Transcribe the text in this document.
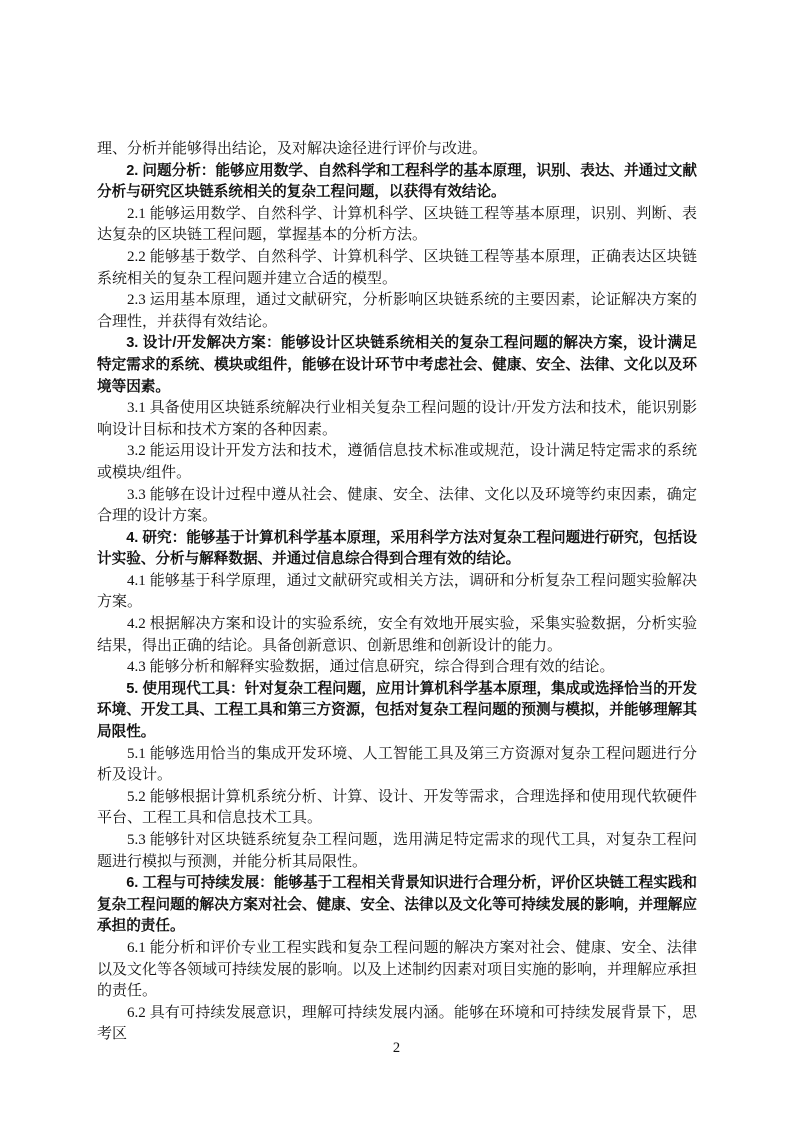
理、分析并能够得出结论，及对解决途径进行评价与改进。

2. 问题分析：能够应用数学、自然科学和工程科学的基本原理，识别、表达、并通过文献分析与研究区块链系统相关的复杂工程问题，以获得有效结论。

2.1 能够运用数学、自然科学、计算机科学、区块链工程等基本原理，识别、判断、表达复杂的区块链工程问题，掌握基本的分析方法。

2.2 能够基于数学、自然科学、计算机科学、区块链工程等基本原理，正确表达区块链系统相关的复杂工程问题并建立合适的模型。

2.3 运用基本原理，通过文献研究，分析影响区块链系统的主要因素，论证解决方案的合理性，并获得有效结论。

3. 设计/开发解决方案：能够设计区块链系统相关的复杂工程问题的解决方案，设计满足特定需求的系统、模块或组件，能够在设计环节中考虑社会、健康、安全、法律、文化以及环境等因素。

3.1 具备使用区块链系统解决行业相关复杂工程问题的设计/开发方法和技术，能识别影响设计目标和技术方案的各种因素。

3.2 能运用设计开发方法和技术，遵循信息技术标准或规范，设计满足特定需求的系统或模块/组件。

3.3 能够在设计过程中遵从社会、健康、安全、法律、文化以及环境等约束因素，确定合理的设计方案。

4. 研究：能够基于计算机科学基本原理，采用科学方法对复杂工程问题进行研究，包括设计实验、分析与解释数据、并通过信息综合得到合理有效的结论。

4.1 能够基于科学原理，通过文献研究或相关方法，调研和分析复杂工程问题实验解决方案。

4.2 根据解决方案和设计的实验系统，安全有效地开展实验，采集实验数据，分析实验结果，得出正确的结论。具备创新意识、创新思维和创新设计的能力。

4.3 能够分析和解释实验数据，通过信息研究，综合得到合理有效的结论。

5. 使用现代工具：针对复杂工程问题，应用计算机科学基本原理，集成或选择恰当的开发环境、开发工具、工程工具和第三方资源，包括对复杂工程问题的预测与模拟，并能够理解其局限性。

5.1 能够选用恰当的集成开发环境、人工智能工具及第三方资源对复杂工程问题进行分析及设计。

5.2 能够根据计算机系统分析、计算、设计、开发等需求，合理选择和使用现代软硬件平台、工程工具和信息技术工具。

5.3 能够针对区块链系统复杂工程问题，选用满足特定需求的现代工具，对复杂工程问题进行模拟与预测，并能分析其局限性。

6. 工程与可持续发展：能够基于工程相关背景知识进行合理分析，评价区块链工程实践和复杂工程问题的解决方案对社会、健康、安全、法律以及文化等可持续发展的影响，并理解应承担的责任。

6.1 能分析和评价专业工程实践和复杂工程问题的解决方案对社会、健康、安全、法律以及文化等各领域可持续发展的影响。以及上述制约因素对项目实施的影响，并理解应承担的责任。

6.2 具有可持续发展意识，理解可持续发展内涵。能够在环境和可持续发展背景下，思考区

2
